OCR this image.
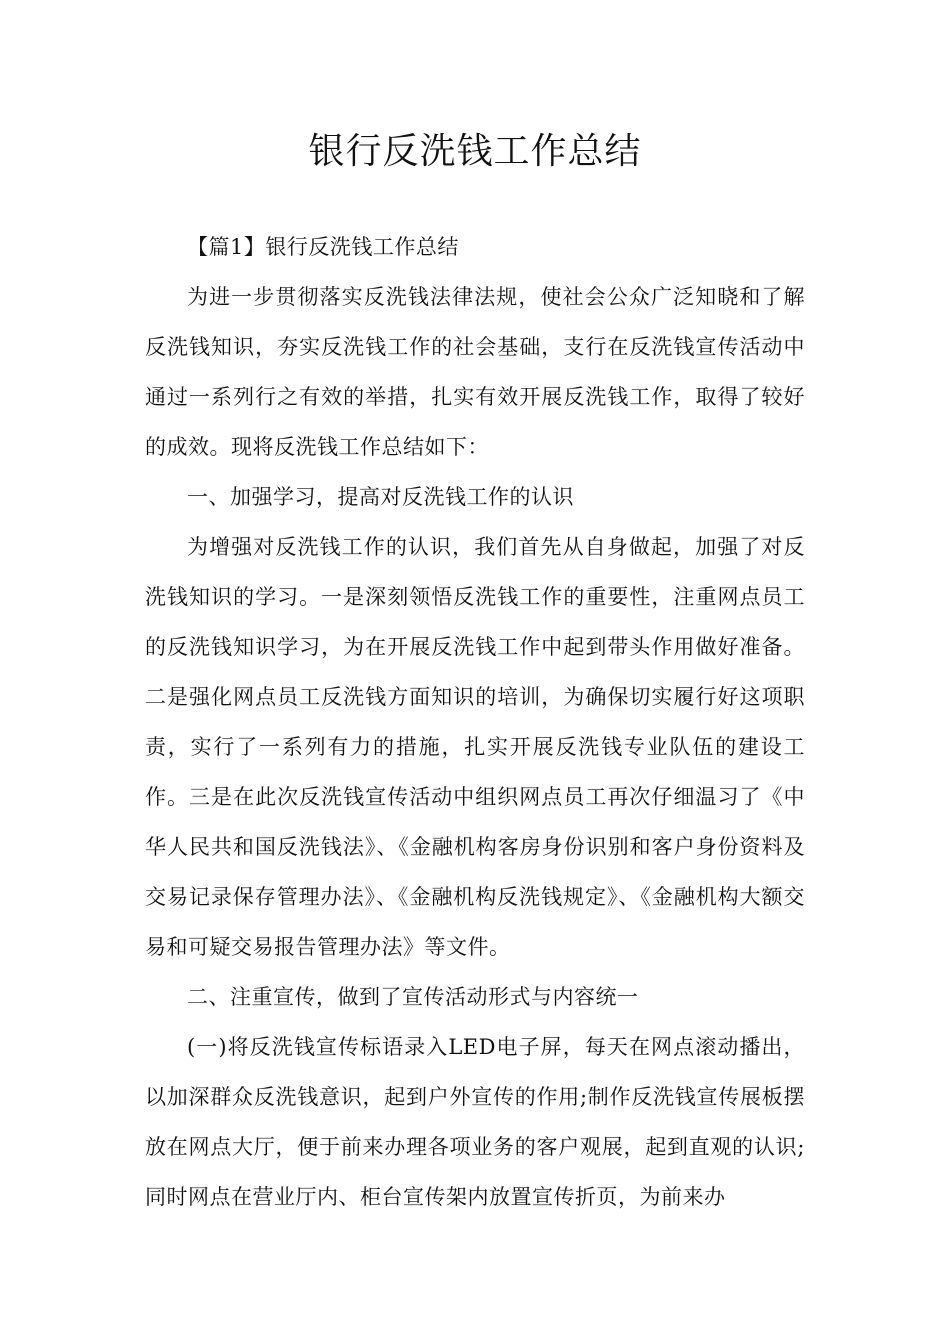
银行反洗钱工作总结

【篇1】银行反洗钱工作总结

为进一步贯彻落实反洗钱法律法规，使社会公众广泛知晓和了解反洗钱知识，夯实反洗钱工作的社会基础，支行在反洗钱宣传活动中通过一系列行之有效的举措，扎实有效开展反洗钱工作，取得了较好的成效。现将反洗钱工作总结如下：

一、加强学习，提高对反洗钱工作的认识

为增强对反洗钱工作的认识，我们首先从自身做起，加强了对反洗钱知识的学习。一是深刻领悟反洗钱工作的重要性，注重网点员工的反洗钱知识学习，为在开展反洗钱工作中起到带头作用做好准备。二是强化网点员工反洗钱方面知识的培训，为确保切实履行好这项职责，实行了一系列有力的措施，扎实开展反洗钱专业队伍的建设工作。三是在此次反洗钱宣传活动中组织网点员工再次仔细温习了《中华人民共和国反洗钱法》、《金融机构客房身份识别和客户身份资料及交易记录保存管理办法》、《金融机构反洗钱规定》、《金融机构大额交易和可疑交易报告管理办法》等文件。

二、注重宣传，做到了宣传活动形式与内容统一

(一)将反洗钱宣传标语录入LED电子屏，每天在网点滚动播出，以加深群众反洗钱意识，起到户外宣传的作用;制作反洗钱宣传展板摆放在网点大厅，便于前来办理各项业务的客户观展，起到直观的认识;同时网点在营业厅内、柜台宣传架内放置宣传折页，为前来办
